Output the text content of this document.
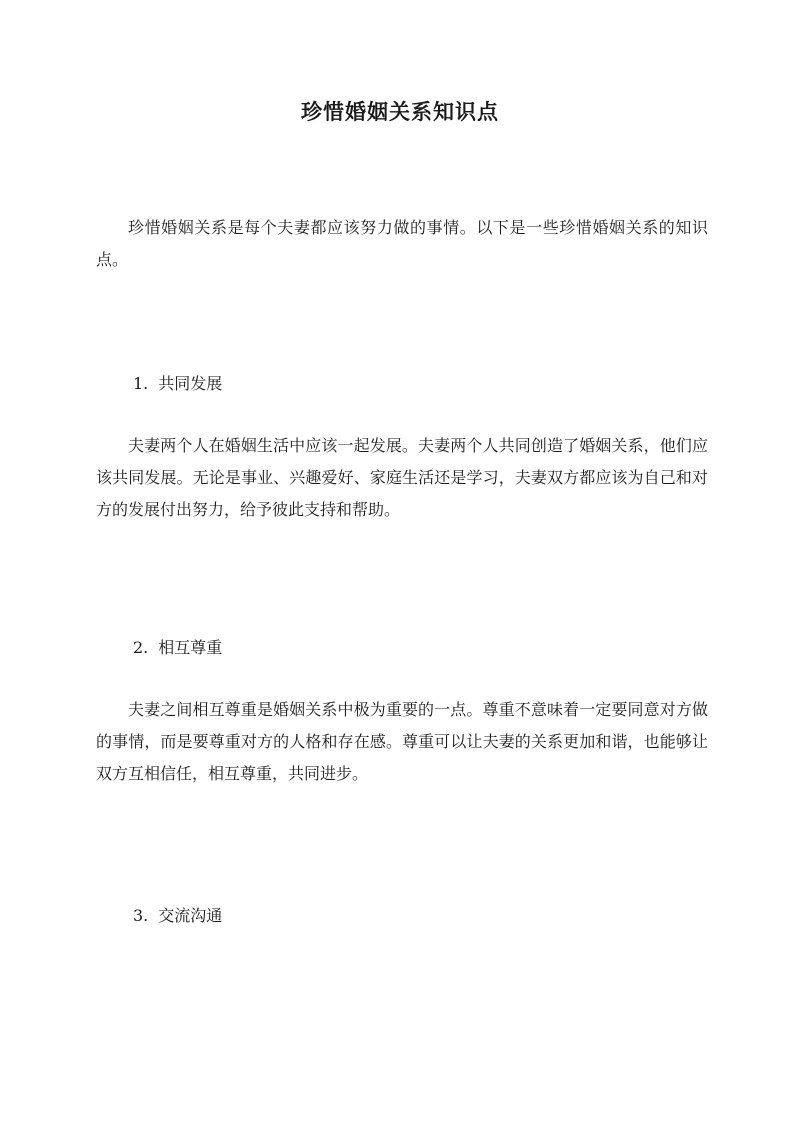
珍惜婚姻关系知识点

珍惜婚姻关系是每个夫妻都应该努力做的事情。以下是一些珍惜婚姻关系的知识点。

1. 共同发展

夫妻两个人在婚姻生活中应该一起发展。夫妻两个人共同创造了婚姻关系，他们应该共同发展。无论是事业、兴趣爱好、家庭生活还是学习，夫妻双方都应该为自己和对方的发展付出努力，给予彼此支持和帮助。

2. 相互尊重

夫妻之间相互尊重是婚姻关系中极为重要的一点。尊重不意味着一定要同意对方做的事情，而是要尊重对方的人格和存在感。尊重可以让夫妻的关系更加和谐，也能够让双方互相信任，相互尊重，共同进步。

3. 交流沟通
